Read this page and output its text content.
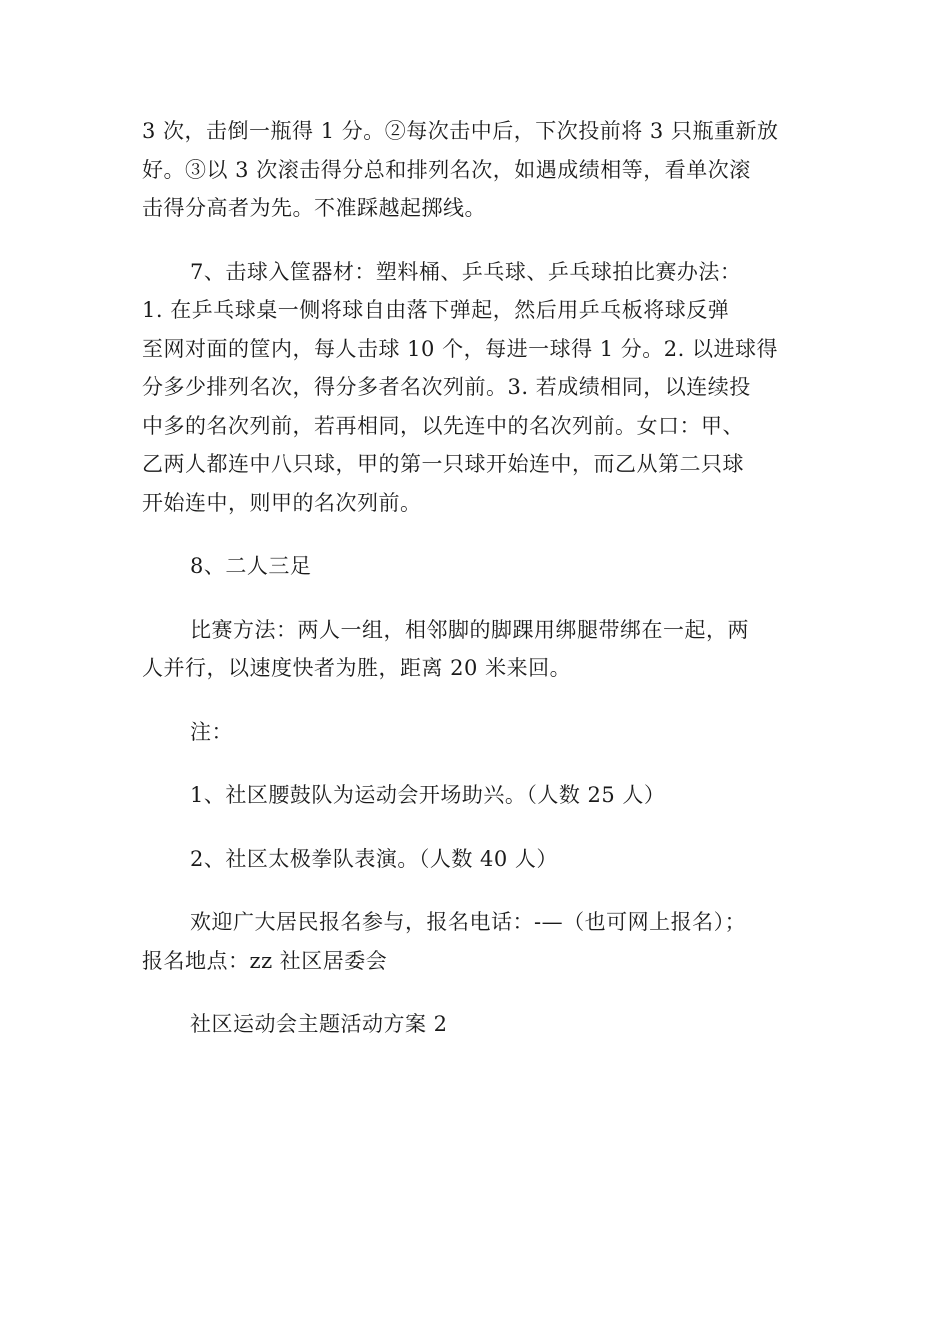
3 次，击倒一瓶得 1 分。②每次击中后，下次投前将 3 只瓶重新放
好。③以 3 次滚击得分总和排列名次，如遇成绩相等，看单次滚
击得分高者为先。不准踩越起掷线。

7、击球入筐器材：塑料桶、乒乓球、乒乓球拍比赛办法：
1. 在乒乓球桌一侧将球自由落下弹起，然后用乒乓板将球反弹
至网对面的筐内，每人击球 10 个，每进一球得 1 分。2. 以进球得
分多少排列名次，得分多者名次列前。3. 若成绩相同，以连续投
中多的名次列前，若再相同，以先连中的名次列前。女口：甲、
乙两人都连中八只球，甲的第一只球开始连中，而乙从第二只球
开始连中，则甲的名次列前。

8、二人三足

比赛方法：两人一组，相邻脚的脚踝用绑腿带绑在一起，两
人并行，以速度快者为胜，距离 20 米来回。

注：

1、社区腰鼓队为运动会开场助兴。（人数 25 人）

2、社区太极拳队表演。（人数 40 人）

欢迎广大居民报名参与，报名电话：-—（也可网上报名）；
报名地点：zz 社区居委会

社区运动会主题活动方案 2
